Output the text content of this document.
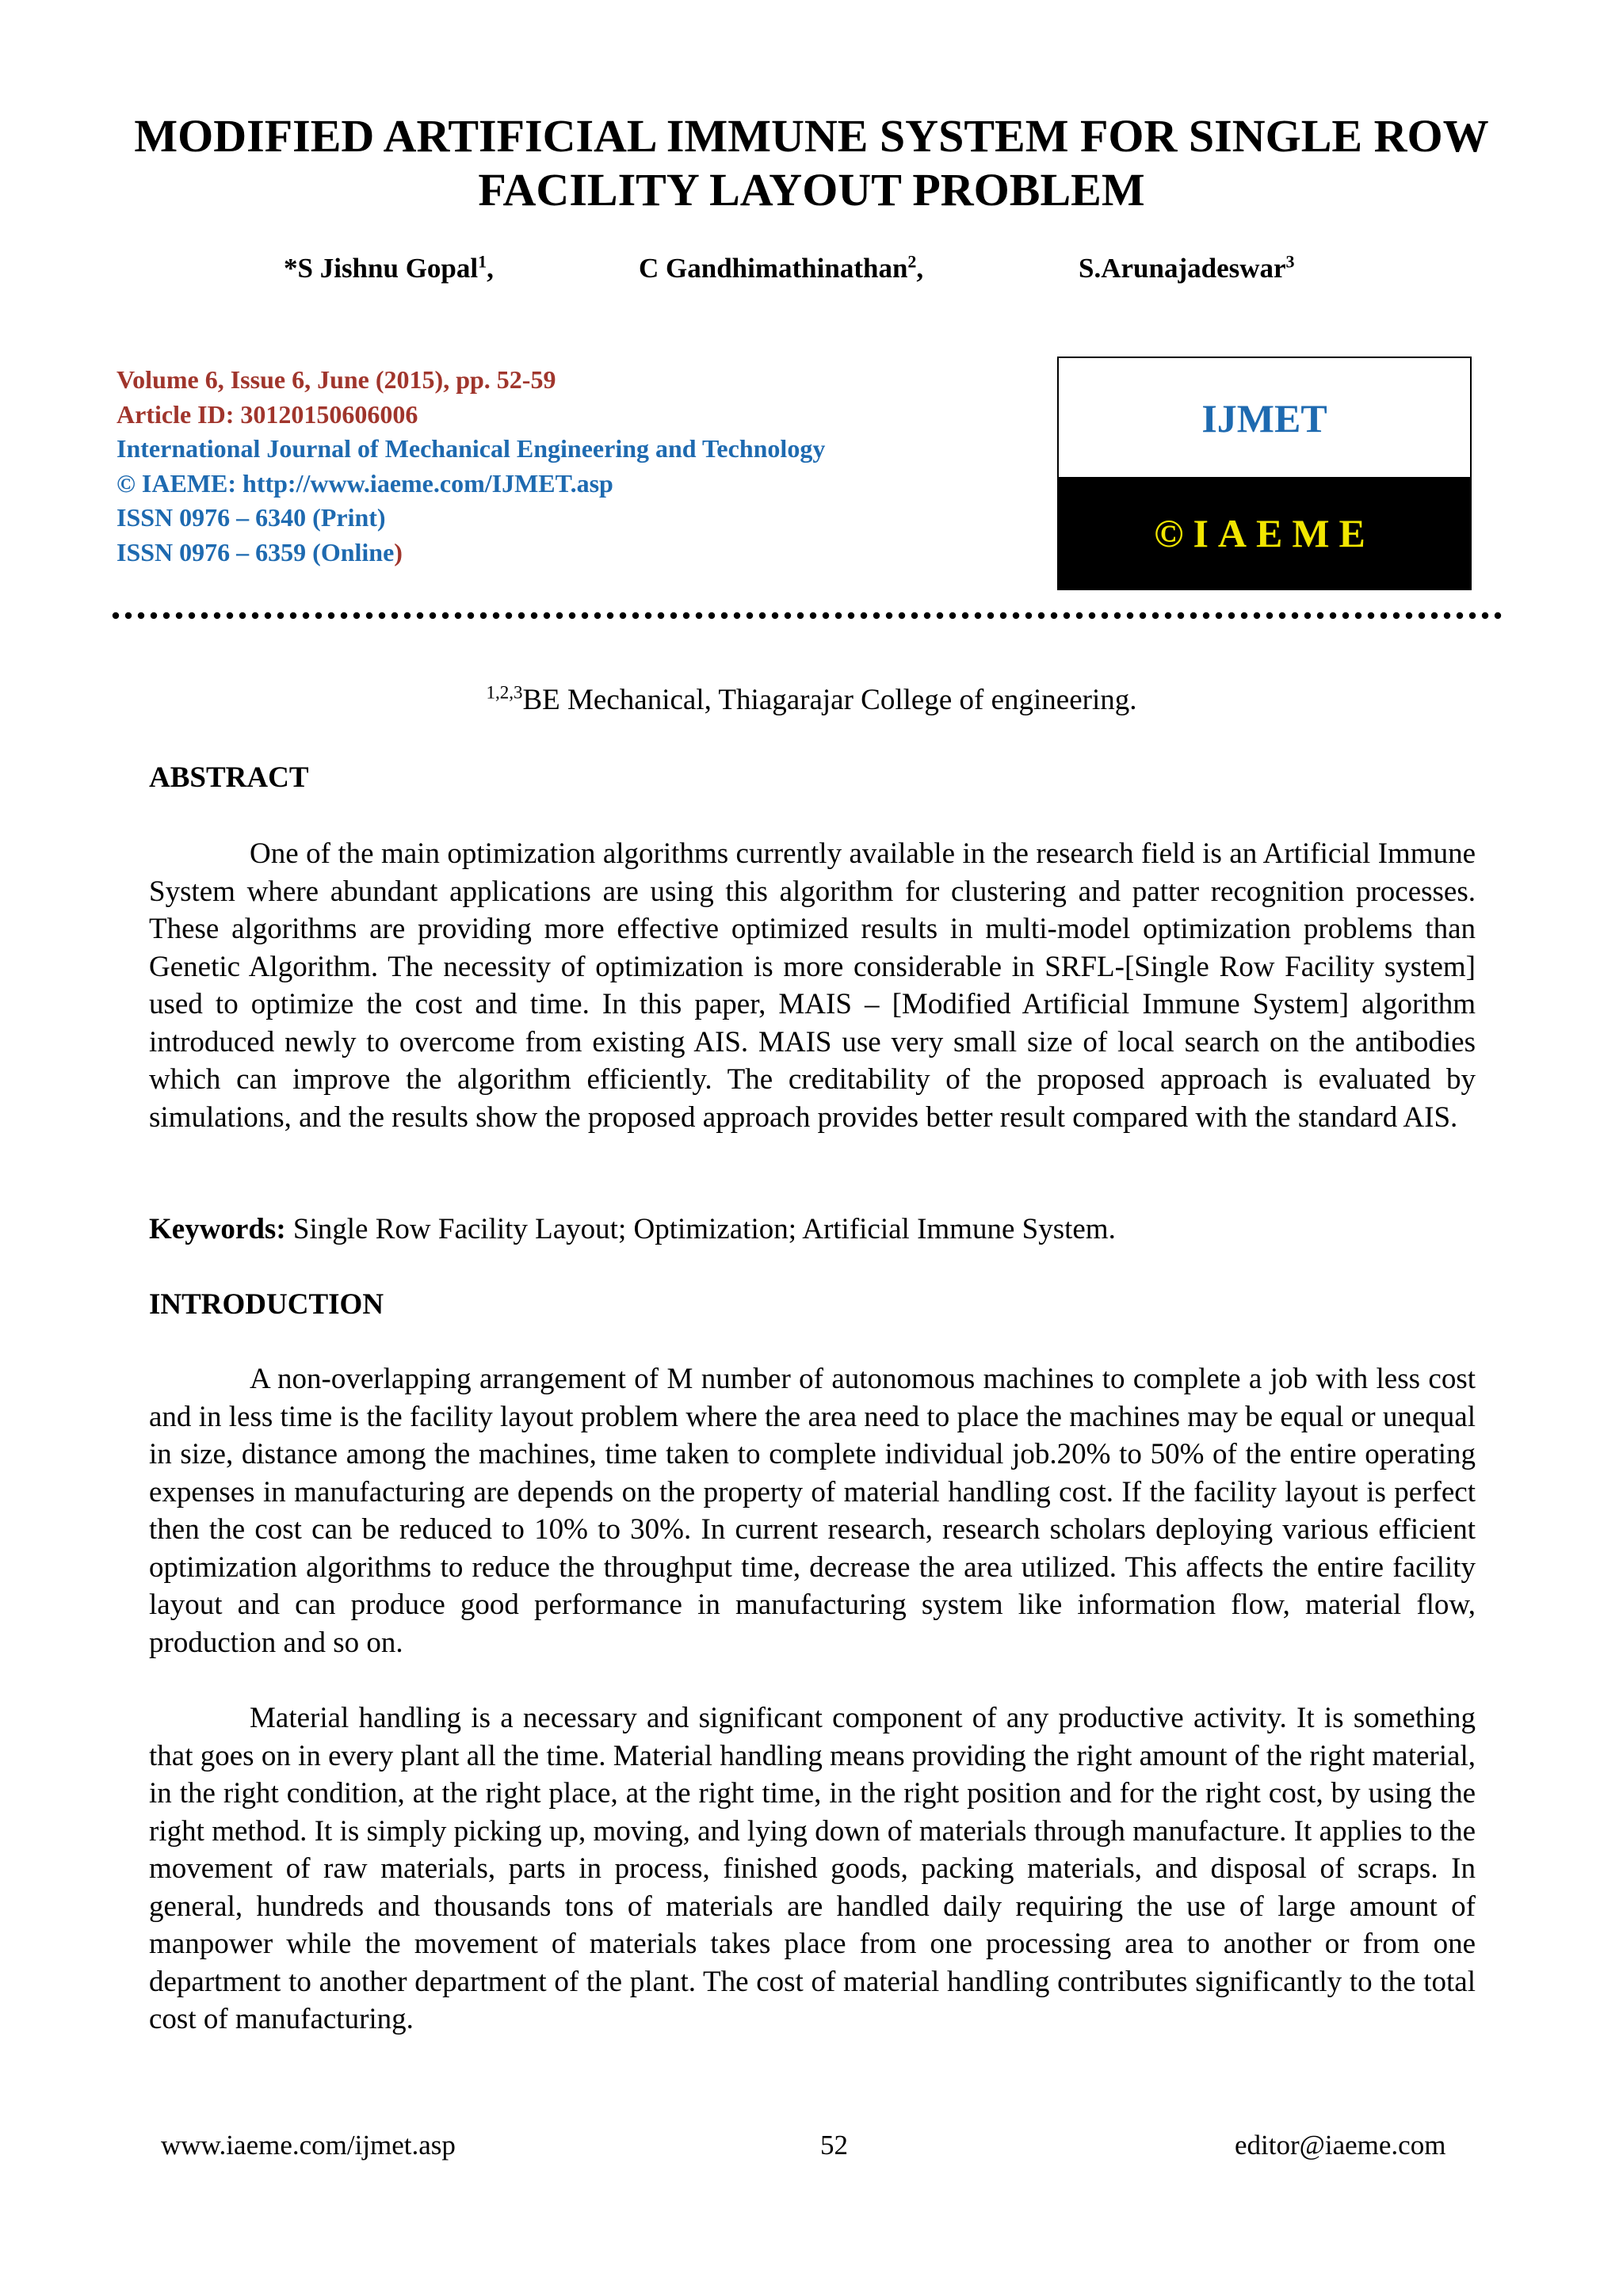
MODIFIED ARTIFICIAL IMMUNE SYSTEM FOR SINGLE ROW FACILITY LAYOUT PROBLEM
*S Jishnu Gopal$^1$,	C Gandhimathinathan$^2$,	S.Arunajadeswar$^3$
Volume 6, Issue 6, June (2015), pp. 52-59
Article ID: 30120150606006
International Journal of Mechanical Engineering and Technology
© IAEME: http://www.iaeme.com/IJMET.asp
ISSN 0976 – 6340 (Print)
ISSN 0976 – 6359 (Online)
IJMET
©IAEME
$^{1,2,3}$BE Mechanical, Thiagarajar College of engineering.
ABSTRACT

One of the main optimization algorithms currently available in the research field is an Artificial Immune System where abundant applications are using this algorithm for clustering and patter recognition processes. These algorithms are providing more effective optimized results in multi-model optimization problems than Genetic Algorithm. The necessity of optimization is more considerable in SRFL-[Single Row Facility system] used to optimize the cost and time. In this paper, MAIS – [Modified Artificial Immune System] algorithm introduced newly to overcome from existing AIS. MAIS use very small size of local search on the antibodies which can improve the algorithm efficiently. The creditability of the proposed approach is evaluated by simulations, and the results show the proposed approach provides better result compared with the standard AIS.

Keywords: Single Row Facility Layout; Optimization; Artificial Immune System.

INTRODUCTION

A non-overlapping arrangement of M number of autonomous machines to complete a job with less cost and in less time is the facility layout problem where the area need to place the machines may be equal or unequal in size, distance among the machines, time taken to complete individual job.20% to 50% of the entire operating expenses in manufacturing are depends on the property of material handling cost. If the facility layout is perfect then the cost can be reduced to 10% to 30%. In current research, research scholars deploying various efficient optimization algorithms to reduce the throughput time, decrease the area utilized. This affects the entire facility layout and can produce good performance in manufacturing system like information flow, material flow, production and so on.

Material handling is a necessary and significant component of any productive activity. It is something that goes on in every plant all the time. Material handling means providing the right amount of the right material, in the right condition, at the right place, at the right time, in the right position and for the right cost, by using the right method. It is simply picking up, moving, and lying down of materials through manufacture. It applies to the movement of raw materials, parts in process, finished goods, packing materials, and disposal of scraps. In general, hundreds and thousands tons of materials are handled daily requiring the use of large amount of manpower while the movement of materials takes place from one processing area to another or from one department to another department of the plant. The cost of material handling contributes significantly to the total cost of manufacturing.

www.iaeme.com/ijmet.asp	52	editor@iaeme.com
